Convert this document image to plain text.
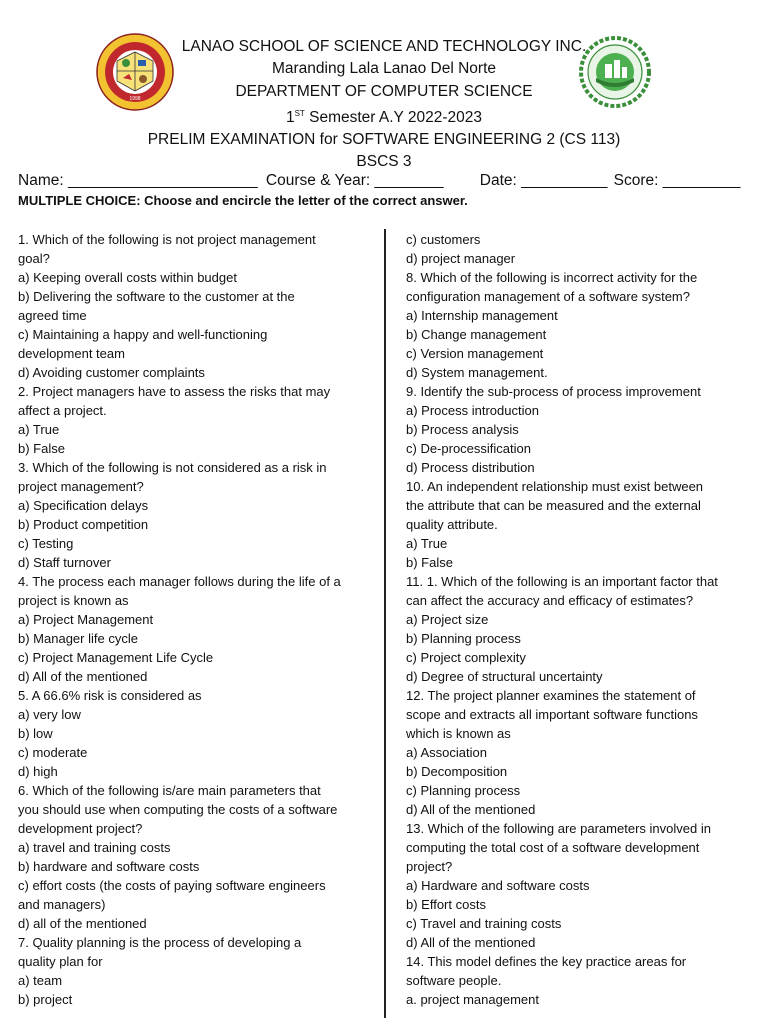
1998
LANAO SCHOOL OF SCIENCE AND TECHNOLOGY INC.
Maranding Lala Lanao Del Norte
DEPARTMENT OF COMPUTER SCIENCE
1ST Semester A.Y 2022-2023
PRELIM EXAMINATION for SOFTWARE ENGINEERING 2 (CS 113)
BSCS 3
Name: ______________________ Course & Year: ________ Date: __________ Score: _________
MULTIPLE CHOICE: Choose and encircle the letter of the correct answer.
1. Which of the following is not project management
goal?
a) Keeping overall costs within budget
b) Delivering the software to the customer at the
agreed time
c) Maintaining a happy and well-functioning
development team
d) Avoiding customer complaints
2. Project managers have to assess the risks that may
affect a project.
a) True
b) False
3. Which of the following is not considered as a risk in
project management?
a) Specification delays
b) Product competition
c) Testing
d) Staff turnover
4. The process each manager follows during the life of a
project is known as
a) Project Management
b) Manager life cycle
c) Project Management Life Cycle
d) All of the mentioned
5. A 66.6% risk is considered as
a) very low
b) low
c) moderate
d) high
6. Which of the following is/are main parameters that
you should use when computing the costs of a software
development project?
a) travel and training costs
b) hardware and software costs
c) effort costs (the costs of paying software engineers
and managers)
d) all of the mentioned
7. Quality planning is the process of developing a
quality plan for
a) team
b) project
c) customers
d) project manager
8. Which of the following is incorrect activity for the
configuration management of a software system?
a) Internship management
b) Change management
c) Version management
d) System management.
9. Identify the sub-process of process improvement
a) Process introduction
b) Process analysis
c) De-processification
d) Process distribution
10. An independent relationship must exist between
the attribute that can be measured and the external
quality attribute.
a) True
b) False
11. 1. Which of the following is an important factor that
can affect the accuracy and efficacy of estimates?
a) Project size
b) Planning process
c) Project complexity
d) Degree of structural uncertainty
12. The project planner examines the statement of
scope and extracts all important software functions
which is known as
a) Association
b) Decomposition
c) Planning process
d) All of the mentioned
13. Which of the following are parameters involved in
computing the total cost of a software development
project?
a) Hardware and software costs
b) Effort costs
c) Travel and training costs
d) All of the mentioned
14. This model defines the key practice areas for
software people.
a. project management
